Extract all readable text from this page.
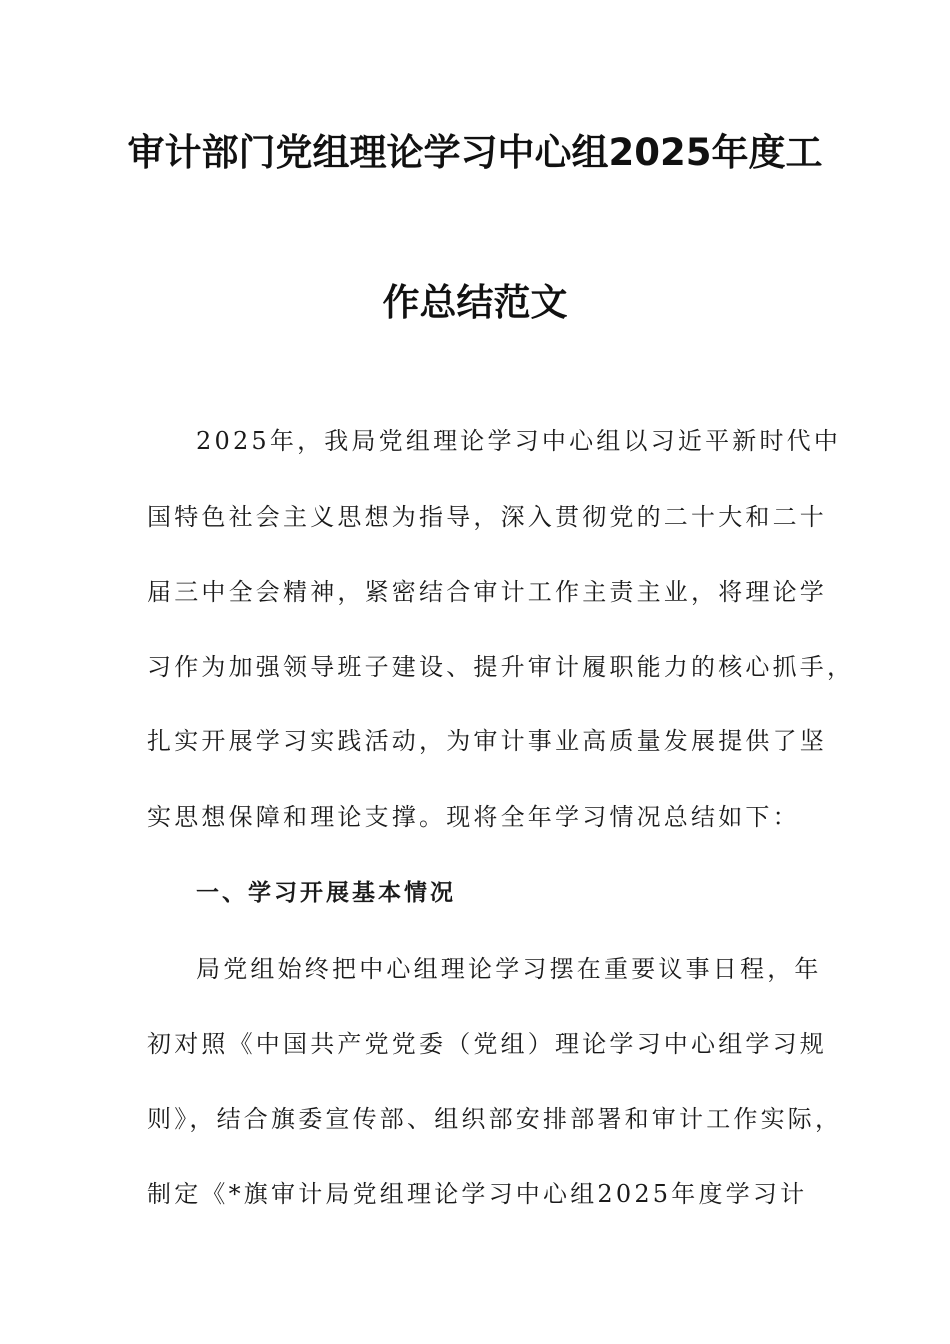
审计部门党组理论学习中心组2025年度工
作总结范文
2025年，我局党组理论学习中心组以习近平新时代中
国特色社会主义思想为指导，深入贯彻党的二十大和二十
届三中全会精神，紧密结合审计工作主责主业，将理论学
习作为加强领导班子建设、提升审计履职能力的核心抓手，
扎实开展学习实践活动，为审计事业高质量发展提供了坚
实思想保障和理论支撑。现将全年学习情况总结如下：
一、学习开展基本情况
局党组始终把中心组理论学习摆在重要议事日程，年
初对照《中国共产党党委（党组）理论学习中心组学习规
则》，结合旗委宣传部、组织部安排部署和审计工作实际，
制定《*旗审计局党组理论学习中心组2025年度学习计
